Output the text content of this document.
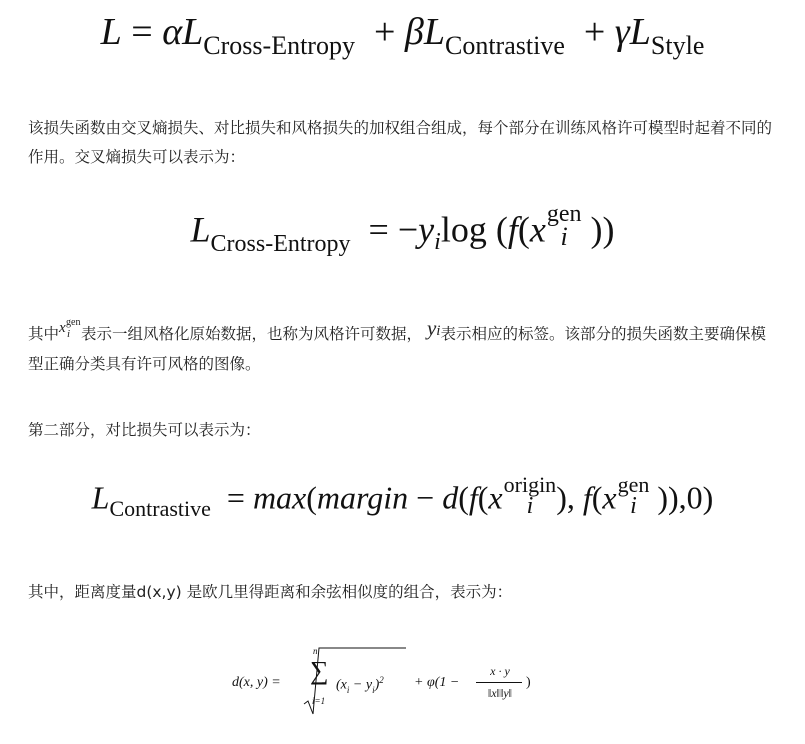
$L = \alpha L_{Cross-Entropy} + \beta L_{Contrastive} + \gamma L_{Style}$
该损失函数由交叉熵损失、对比损失和风格损失的加权组合组成，每个部分在训练风格许可模型时起着不同的作用。交叉熵损失可以表示为：
$L_{Cross-Entropy} = -y_i\log$ (f(x gen
i ))
其中 x gen
i 表示一组风格化原始数据，也称为风格许可数据， yi表示相应的标签。该部分的损失函数主要确保模型正确分类具有许可风格的图像。
第二部分，对比损失可以表示为：
$L_{Contrastive}$ = max(margin − d(f(x origin
i ), f(x gen
i )),0)
其中，距离度量d(x,y) 是欧几里得距离和余弦相似度的组合，表示为：
d(x, y) =
n
∑
i=1
$(x_i - y_i)^2 + \varphi(1$ −
x · y
‖x‖‖y‖
)
